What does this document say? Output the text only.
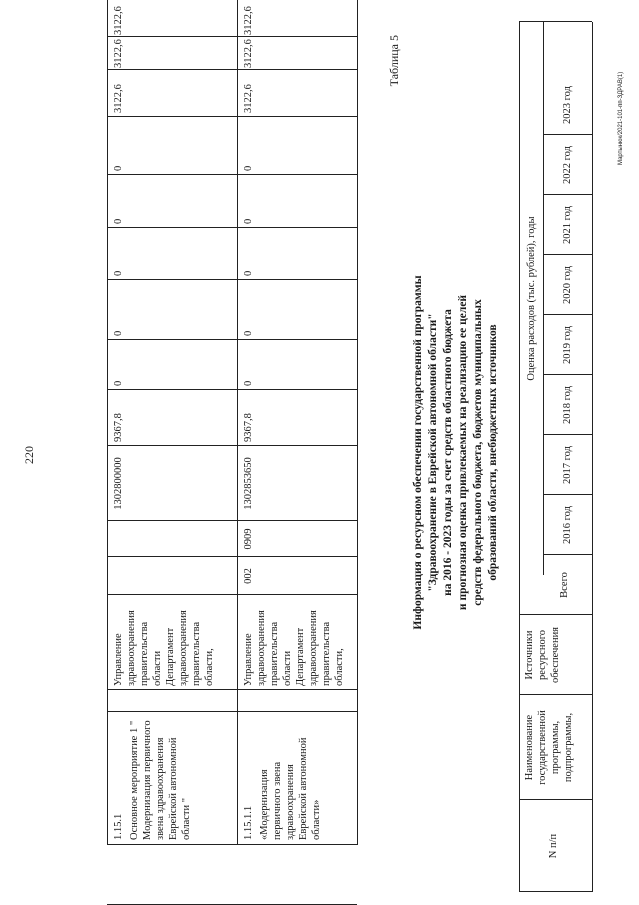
220
1.15.1 Основное мероприятие 1 " Модернизация первичного звена здравоохранения Еврейской автономной области "
Управление здравоохранения правительства области Департамент здравоохранения правительства области,
1302800000
9367,8
0
0
0
0
0
3122,6
3122,6
3122,6
1.15.1.1 «Модернизация первичного звена здравоохранения Еврейской автономной области»
Управление здравоохранения правительства области Департамент здравоохранения правительства области,
002
0909
1302853650
9367,8
0
0
0
0
0
3122,6
3122,6
3122,6
Таблица 5
Информация о ресурсном обеспечении государственной программы "Здравоохранение в Еврейской автономной области" на 2016 - 2023 годы за счет средств областного бюджета и прогнозная оценка привлекаемых на реализацию ее целей средств федерального бюджета, бюджетов муниципальных образований области, внебюджетных источников
N п/п
Наименование государственной программы, подпрограммы,
Источники ресурсного обеспечения
Всего
Оценка расходов (тыс. рублей), годы
2016 год
2017 год
2018 год
2019 год
2020 год
2021 год
2022 год
2023 год	Мартынюк/2021-101-пп-ЗДРАВ(1)
